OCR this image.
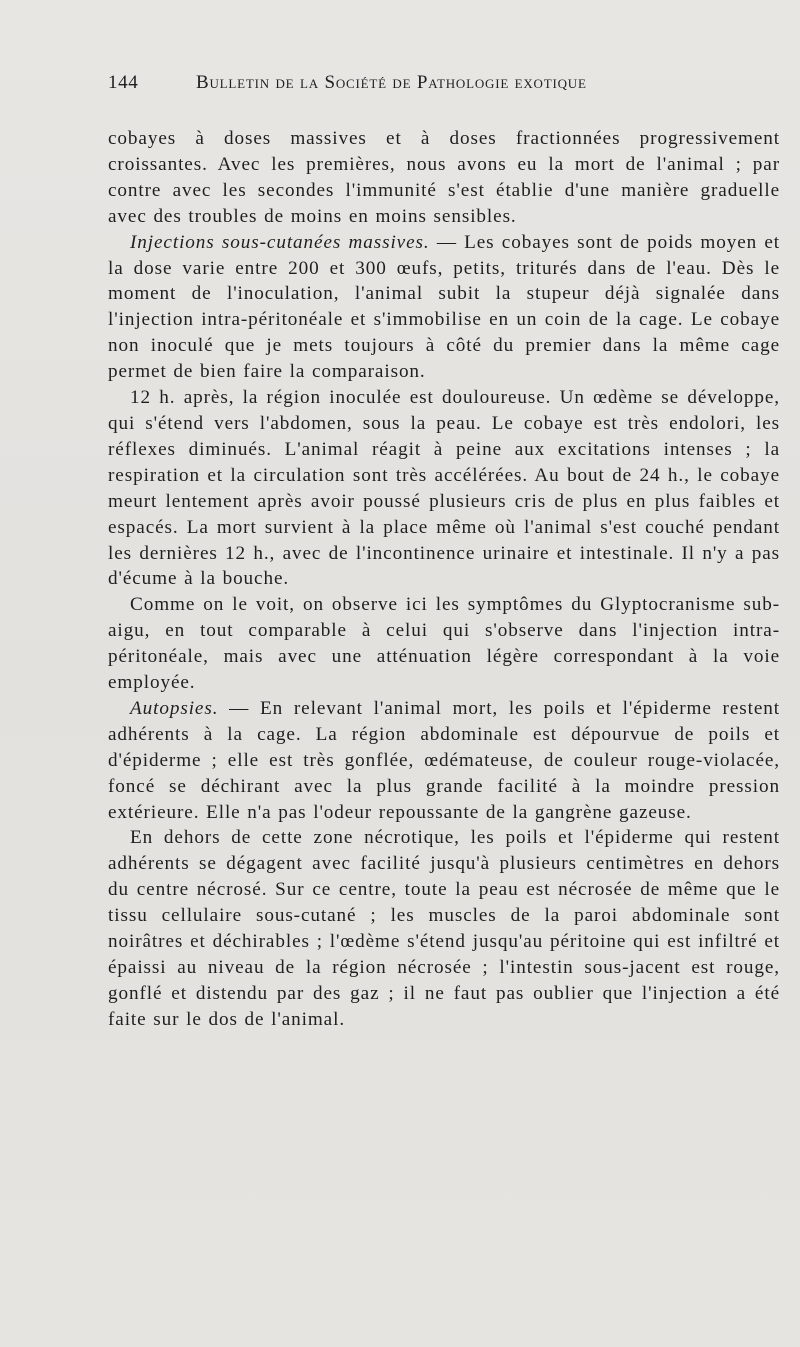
144	Bulletin de la Société de Pathologie exotique

cobayes à doses massives et à doses fractionnées progressivement croissantes. Avec les premières, nous avons eu la mort de l'animal ; par contre avec les secondes l'immunité s'est établie d'une manière graduelle avec des troubles de moins en moins sensibles.

Injections sous-cutanées massives. — Les cobayes sont de poids moyen et la dose varie entre 200 et 300 œufs, petits, triturés dans de l'eau. Dès le moment de l'inoculation, l'animal subit la stupeur déjà signalée dans l'injection intra-péritonéale et s'immobilise en un coin de la cage. Le cobaye non inoculé que je mets toujours à côté du premier dans la même cage permet de bien faire la comparaison.

12 h. après, la région inoculée est douloureuse. Un œdème se développe, qui s'étend vers l'abdomen, sous la peau. Le cobaye est très endolori, les réflexes diminués. L'animal réagit à peine aux excitations intenses ; la respiration et la circulation sont très accélérées. Au bout de 24 h., le cobaye meurt lentement après avoir poussé plusieurs cris de plus en plus faibles et espacés. La mort survient à la place même où l'animal s'est couché pendant les dernières 12 h., avec de l'incontinence urinaire et intestinale. Il n'y a pas d'écume à la bouche.

Comme on le voit, on observe ici les symptômes du Glyptocranisme sub-aigu, en tout comparable à celui qui s'observe dans l'injection intra-péritonéale, mais avec une atténuation légère correspondant à la voie employée.

Autopsies. — En relevant l'animal mort, les poils et l'épiderme restent adhérents à la cage. La région abdominale est dépourvue de poils et d'épiderme ; elle est très gonflée, œdémateuse, de couleur rouge-violacée, foncé se déchirant avec la plus grande facilité à la moindre pression extérieure. Elle n'a pas l'odeur repoussante de la gangrène gazeuse.

En dehors de cette zone nécrotique, les poils et l'épiderme qui restent adhérents se dégagent avec facilité jusqu'à plusieurs centimètres en dehors du centre nécrosé. Sur ce centre, toute la peau est nécrosée de même que le tissu cellulaire sous-cutané ; les muscles de la paroi abdominale sont noirâtres et déchirables ; l'œdème s'étend jusqu'au péritoine qui est infiltré et épaissi au niveau de la région nécrosée ; l'intestin sous-jacent est rouge, gonflé et distendu par des gaz ; il ne faut pas oublier que l'injection a été faite sur le dos de l'animal.
